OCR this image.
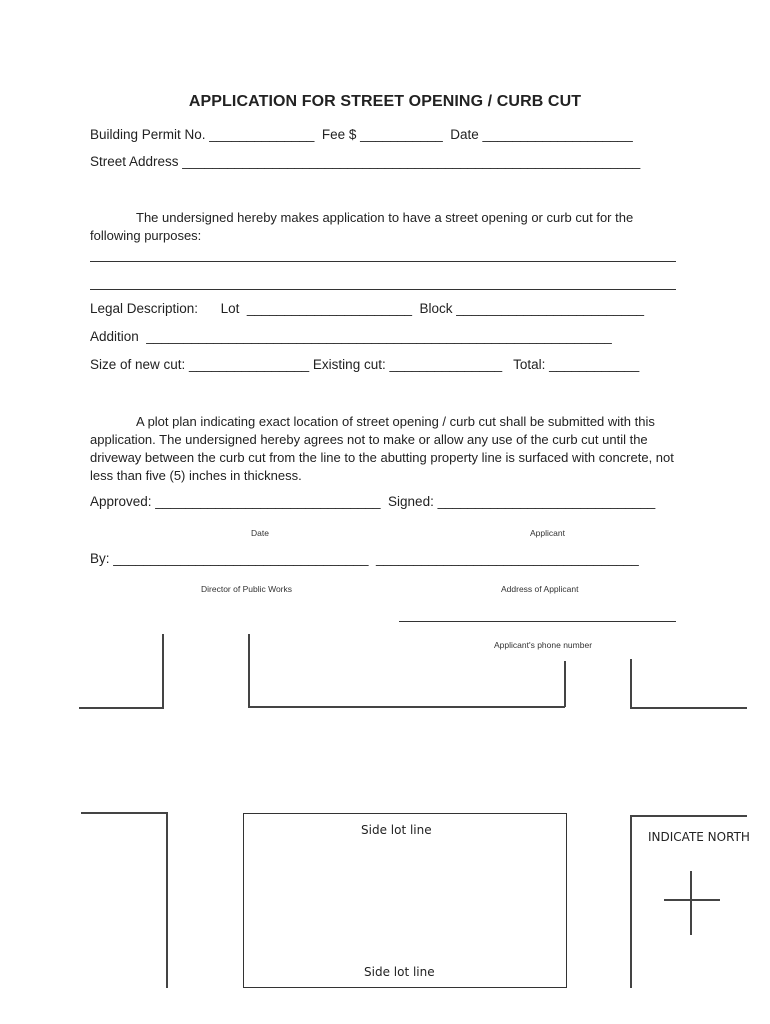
APPLICATION FOR STREET OPENING / CURB CUT
Building Permit No. ______________  Fee $ ___________  Date ____________________
Street Address _____________________________________________________________
The undersigned hereby makes application to have a street opening or curb cut for the following purposes:
Legal Description:      Lot  ______________________  Block _________________________
Addition  ______________________________________________________________
Size of new cut: ________________ Existing cut: _______________   Total: ____________
A plot plan indicating exact location of street opening / curb cut shall be submitted with this application. The undersigned hereby agrees not to make or allow any use of the curb cut until the driveway between the curb cut from the line to the abutting property line is surfaced with concrete, not less than five (5) inches in thickness.
Approved: ______________________________  Signed: _____________________________
Date	Applicant
By: __________________________________  ___________________________________
Director of Public Works	Address of Applicant
Applicant's phone number
Side lot line
Side lot line
INDICATE NORTH
